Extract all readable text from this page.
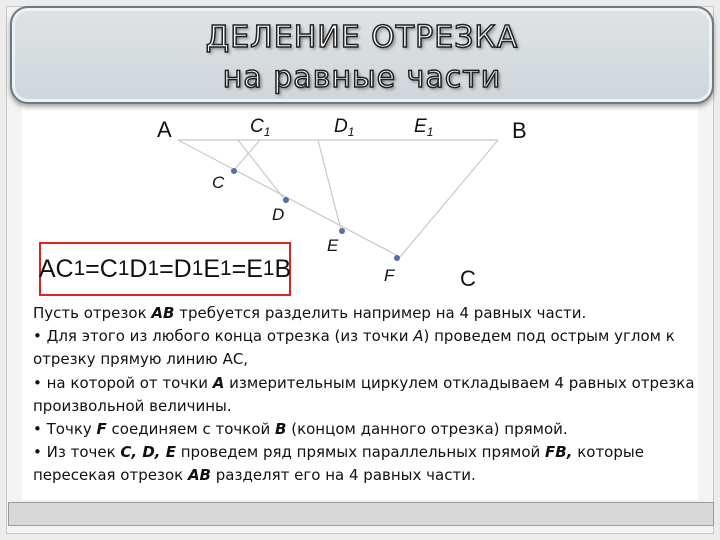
ДЕЛЕНИЕ ОТРЕЗКА
на равные части
A	B
$C_1$	$D_1$	$E_1$
C
D
E
F	C
AC 1 =C 1 D 1 =D 1 E 1 =E 1 B

Пусть отрезок AB требуется разделить например на 4 равных части.

• Для этого из любого конца отрезка (из точки A) проведем под острым углом к отрезку прямую линию АС,

• на которой от точки A измерительным циркулем откладываем 4 равных отрезка произвольной величины.

• Точку F соединяем с точкой B (концом данного отрезка) прямой.

• Из точек C, D, E проведем ряд прямых параллельных прямой FB, которые пересекая отрезок AB разделят его на 4 равных части.
